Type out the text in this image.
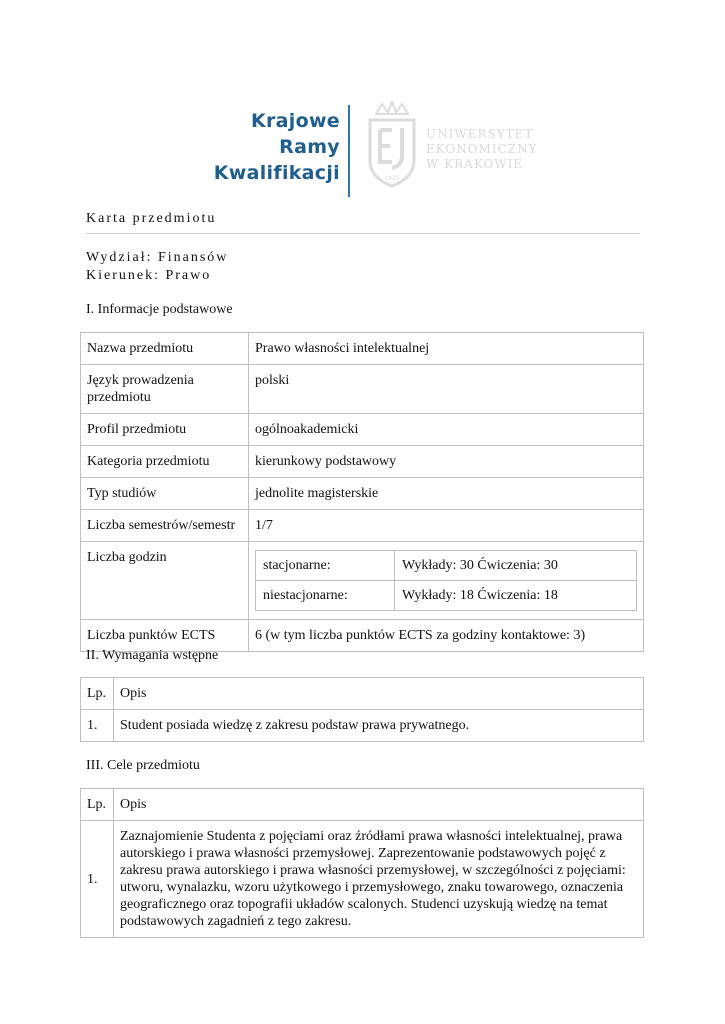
Krajowe
Ramy
Kwalifikacji	1925
UNIWERSYTET
EKONOMICZNY
W KRAKOWIE
Karta przedmiotu
Wydział: Finansów
Kierunek: Prawo
I. Informacje podstawowe
Nazwa przedmiotu	Prawo własności intelektualnej
Język prowadzenia przedmiotu	polski
Profil przedmiotu	ogólnoakademicki
Kategoria przedmiotu	kierunkowy podstawowy
Typ studiów	jednolite magisterskie
Liczba semestrów/semestr	1/7
Liczba godzin	
stacjonarne:	Wykłady: 30 Ćwiczenia: 30
niestacjonarne:	Wykłady: 18 Ćwiczenia: 18

Liczba punktów ECTS	6 (w tym liczba punktów ECTS za godziny kontaktowe: 3)
II. Wymagania wstępne
Lp.	Opis
1.	Student posiada wiedzę z zakresu podstaw prawa prywatnego.
III. Cele przedmiotu
Lp.	Opis
1.	Zaznajomienie Studenta z pojęciami oraz źródłami prawa własności intelektualnej, prawa autorskiego i prawa własności przemysłowej. Zaprezentowanie podstawowych pojęć z zakresu prawa autorskiego i prawa własności przemysłowej, w szczególności z pojęciami: utworu, wynalazku, wzoru użytkowego i przemysłowego, znaku towarowego, oznaczenia geograficznego oraz topografii układów scalonych. Studenci uzyskują wiedzę na temat podstawowych zagadnień z tego zakresu.
